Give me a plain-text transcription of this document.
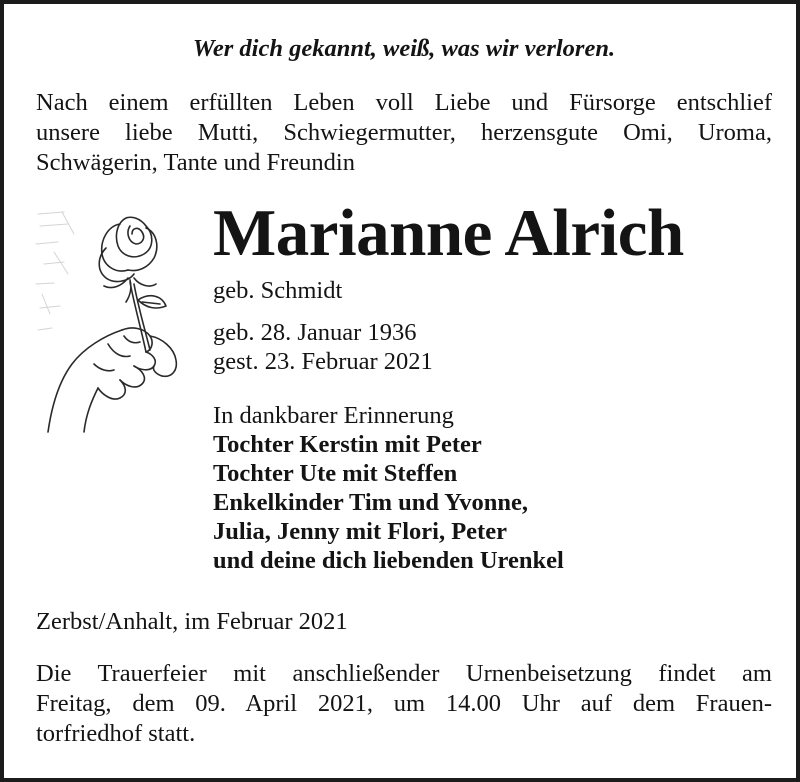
Wer dich gekannt, weiß, was wir verloren.
Nach einem erfüllten Leben voll Liebe und Fürsorge entschlief
unsere liebe Mutti, Schwiegermutter, herzensgute Omi, Uroma,
Schwägerin, Tante und Freundin
Marianne Alrich
geb. Schmidt
geb. 28. Januar 1936
gest. 23. Februar 2021
In dankbarer Erinnerung
Tochter Kerstin mit Peter
Tochter Ute mit Steffen
Enkelkinder Tim und Yvonne,
Julia, Jenny mit Flori, Peter
und deine dich liebenden Urenkel
Zerbst/Anhalt, im Februar 2021
Die Trauerfeier mit anschließender Urnenbeisetzung findet am
Freitag, dem 09. April 2021, um 14.00 Uhr auf dem Frauen-
torfriedhof statt.
